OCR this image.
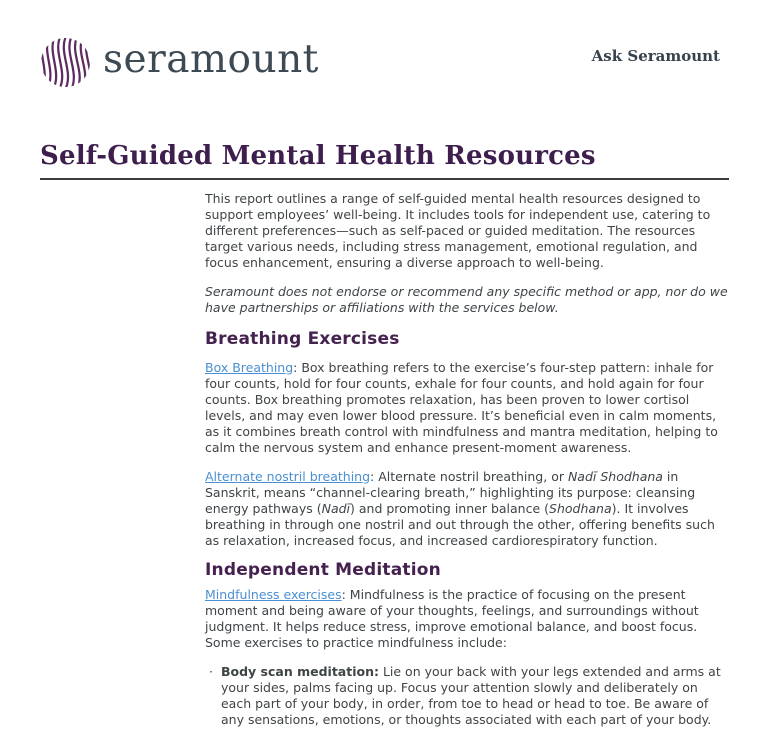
seramount	Ask Seramount
Self-Guided Mental Health Resources

This report outlines a range of self-guided mental health resources designed to support employees’ well-being. It includes tools for independent use, catering to different preferences—such as self-paced or guided meditation. The resources target various needs, including stress management, emotional regulation, and focus enhancement, ensuring a diverse approach to well-being.

Seramount does not endorse or recommend any specific method or app, nor do we have partnerships or affiliations with the services below.

Breathing Exercises

Box Breathing: Box breathing refers to the exercise’s four-step pattern: inhale for four counts, hold for four counts, exhale for four counts, and hold again for four counts. Box breathing promotes relaxation, has been proven to lower cortisol levels, and may even lower blood pressure. It’s beneficial even in calm moments, as it combines breath control with mindfulness and mantra meditation, helping to calm the nervous system and enhance present-moment awareness.

Alternate nostril breathing: Alternate nostril breathing, or Nadī Shodhana in Sanskrit, means “channel-clearing breath,” highlighting its purpose: cleansing energy pathways (Nadī) and promoting inner balance (Shodhana). It involves breathing in through one nostril and out through the other, offering benefits such as relaxation, increased focus, and increased cardiorespiratory function.

Independent Meditation

Mindfulness exercises: Mindfulness is the practice of focusing on the present moment and being aware of your thoughts, feelings, and surroundings without judgment. It helps reduce stress, improve emotional balance, and boost focus. Some exercises to practice mindfulness include:

· Body scan meditation: Lie on your back with your legs extended and arms at your sides, palms facing up. Focus your attention slowly and deliberately on each part of your body, in order, from toe to head or head to toe. Be aware of any sensations, emotions, or thoughts associated with each part of your body.
